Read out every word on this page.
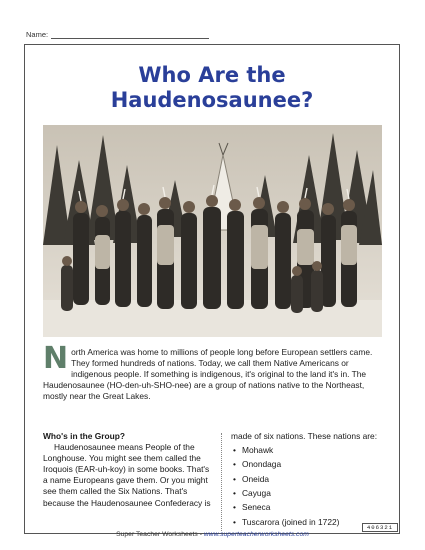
Name:
Who Are the
Haudenosaunee?
North America was home to millions of people long before European settlers came. They formed hundreds of nations. Today, we call them Native Americans or indigenous people. If something is indigenous, it's original to the land it's in. The Haudenosaunee (HO-den-uh-SHO-nee) are a group of nations native to the Northeast, mostly near the Great Lakes.
Who's in the Group?
Haudenosaunee means People of the Longhouse. You might see them called the Iroquois (EAR-uh-koy) in some books. That's a name Europeans gave them. Or you might see them called the Six Nations. That's because the Haudenosaunee Confederacy is
made of six nations. These nations are:
• Mohawk
• Onondaga
• Oneida
• Cayuga
• Seneca
• Tuscarora (joined in 1722)
406321
Super Teacher Worksheets - www.superteacherworksheets.com
